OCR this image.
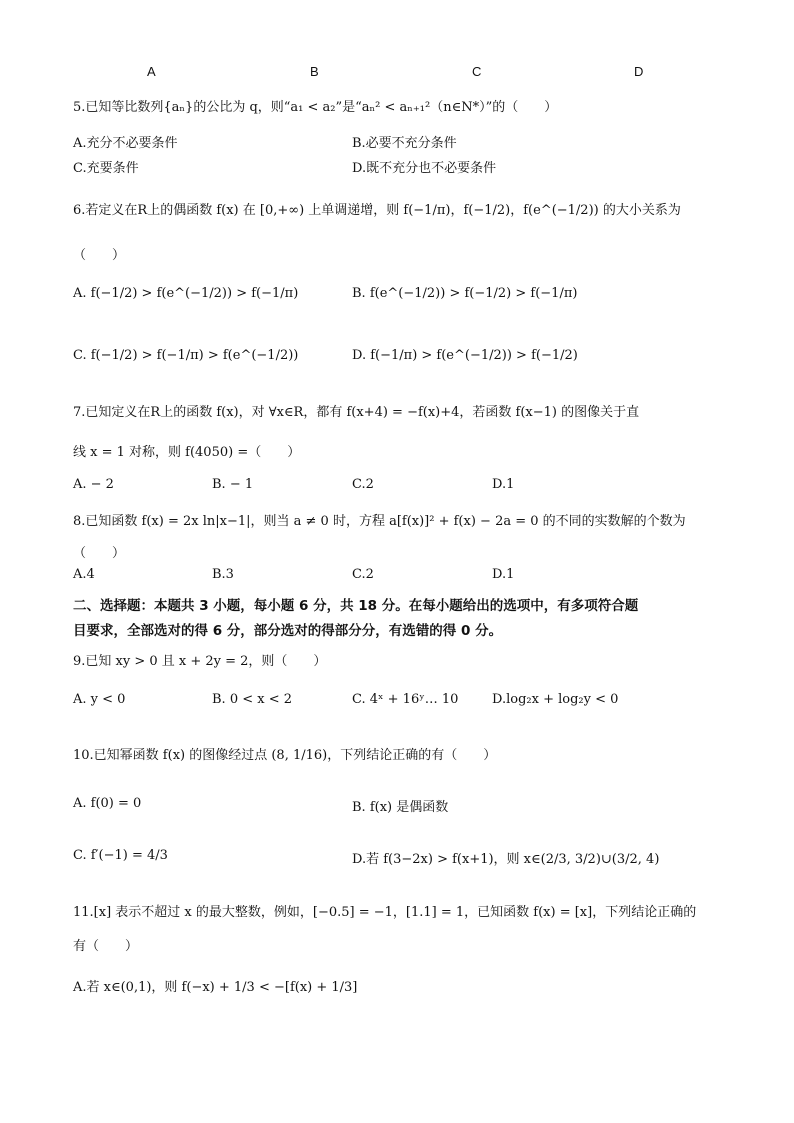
A	B	C	D
5.已知等比数列{aₙ}的公比为 q，则“a₁ < a₂”是“aₙ² < aₙ₊₁²（n∈N*）”的（　　）
A.充分不必要条件	B.必要不充分条件
C.充要条件	D.既不充分也不必要条件
6.若定义在R上的偶函数 f(x) 在 [0,+∞) 上单调递增，则 f(−1/π)，f(−1/2)，f(e^(−1/2)) 的大小关系为
（　　）
A. f(−1/2) > f(e^(−1/2)) > f(−1/π)	B. f(e^(−1/2)) > f(−1/2) > f(−1/π)
C. f(−1/2) > f(−1/π) > f(e^(−1/2))	D. f(−1/π) > f(e^(−1/2)) > f(−1/2)
7.已知定义在R上的函数 f(x)，对 ∀x∈R，都有 f(x+4) = −f(x)+4，若函数 f(x−1) 的图像关于直
线 x = 1 对称，则 f(4050) =（　　）
A. − 2	B. − 1	C.2	D.1
8.已知函数 f(x) = 2x ln|x−1|，则当 a ≠ 0 时，方程 a[f(x)]² + f(x) − 2a = 0 的不同的实数解的个数为
（　　）
A.4	B.3	C.2	D.1
二、选择题：本题共 3 小题，每小题 6 分，共 18 分。在每小题给出的选项中，有多项符合题
目要求，全部选对的得 6 分，部分选对的得部分分，有选错的得 0 分。
9.已知 xy > 0 且 x + 2y = 2，则（　　）
A. y < 0	B. 0 < x < 2	C. 4ˣ + 16ʸ… 10	D.log₂x + log₂y < 0
10.已知幂函数 f(x) 的图像经过点 (8, 1/16)，下列结论正确的有（　　）
A. f(0) = 0	B. f(x) 是偶函数
C. f′(−1) = 4/3	D.若 f(3−2x) > f(x+1)，则 x∈(2/3, 3/2)∪(3/2, 4)
11.[x] 表示不超过 x 的最大整数，例如，[−0.5] = −1，[1.1] = 1，已知函数 f(x) = [x]，下列结论正确的
有（　　）
A.若 x∈(0,1)，则 f(−x) + 1/3 < −[f(x) + 1/3]
